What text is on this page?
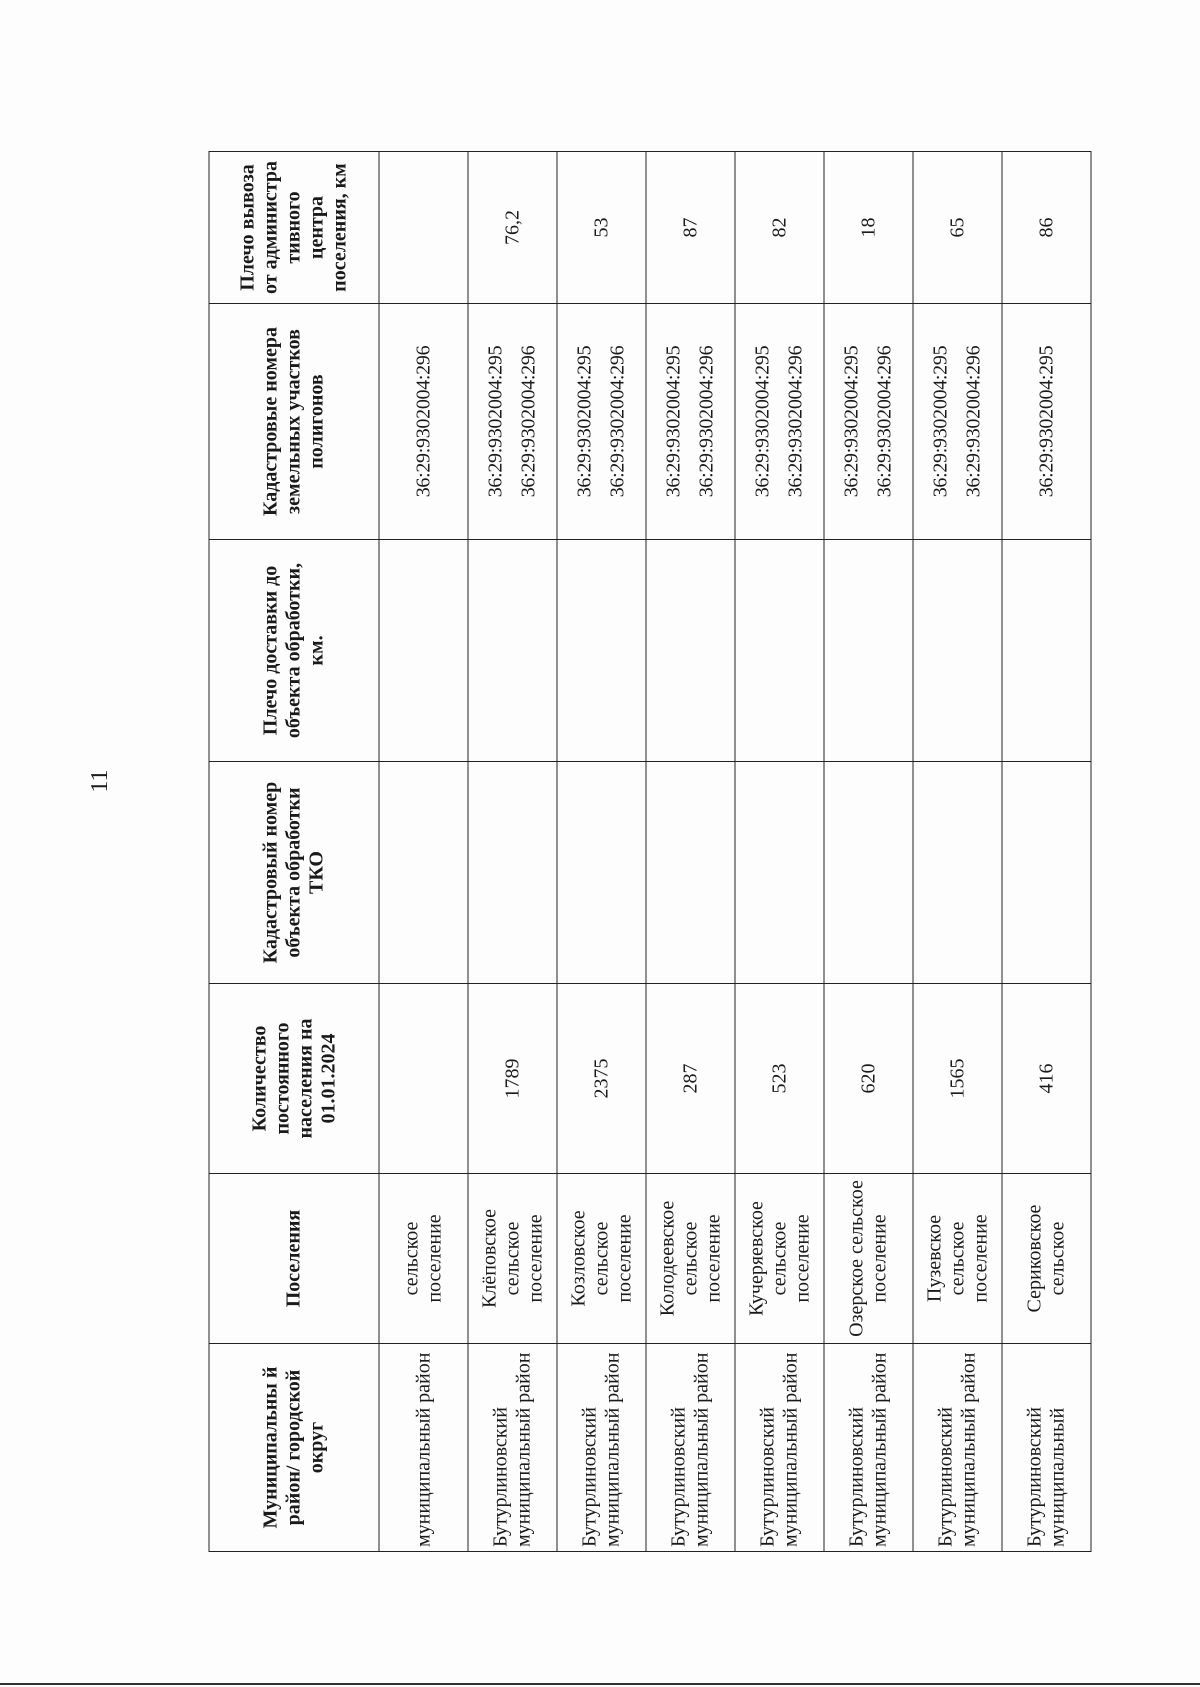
11
Муниципальны й район/ городской округ	Поселения	Количество постоянного населения на 01.01.2024	Кадастровый номер объекта обработки ТКО	Плечо доставки до объекта обработки, км.	Кадастровые номера земельных участков полигонов	Плечо вывоза от администра тивного центра поселения, км
муниципальный район	сельское поселение				36:29:9302004:296	

Бутурлиновский муниципальный район	Клёповское сельское поселение	1789			36:29:9302004:295 36:29:9302004:296	76,2
Бутурлиновский муниципальный район	Козловское сельское поселение	2375			36:29:9302004:295 36:29:9302004:296	53
Бутурлиновский муниципальный район	Колодеевское сельское поселение	287			36:29:9302004:295 36:29:9302004:296	87
Бутурлиновский муниципальный район	Кучеряевское сельское поселение	523			36:29:9302004:295 36:29:9302004:296	82
Бутурлиновский муниципальный район	Озерское сельское поселение	620			36:29:9302004:295 36:29:9302004:296	18
Бутурлиновский муниципальный район	Пузевское сельское поселение	1565			36:29:9302004:295 36:29:9302004:296	65
Бутурлиновский муниципальный	Сериковское сельское	416			36:29:9302004:295	86
